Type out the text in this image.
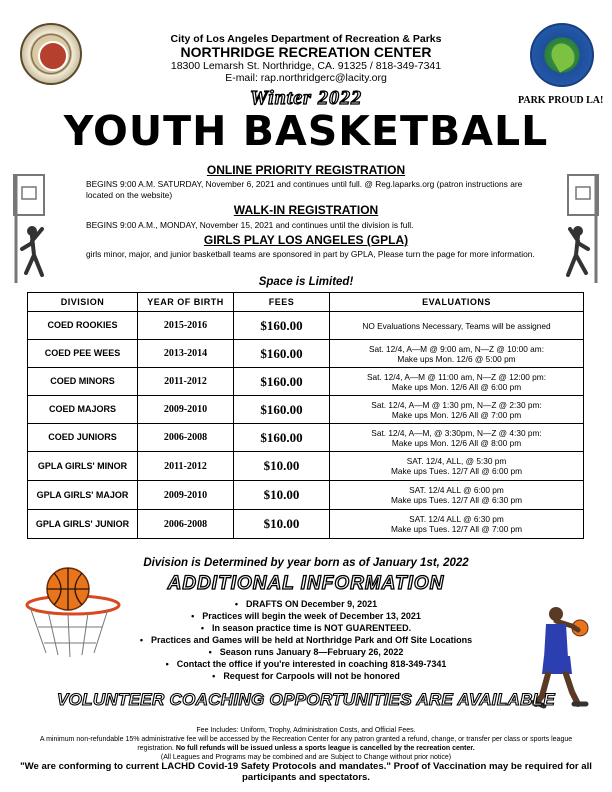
City of Los Angeles Department of Recreation & Parks
NORTHRIDGE RECREATION CENTER
18300 Lemarsh St. Northridge, CA. 91325 / 818-349-7341
E-mail: rap.northridgerc@lacity.org
PARK PROUD LA!
Winter 2022
YOUTH BASKETBALL
ONLINE PRIORITY REGISTRATION
BEGINS 9:00 A.M. SATURDAY, November 6, 2021 and continues until full. @ Reg.laparks.org (patron instructions are located on the website)
WALK-IN REGISTRATION
BEGINS 9:00 A.M., MONDAY, November 15, 2021 and continues until the division is full.
GIRLS PLAY LOS ANGELES (GPLA)
girls minor, major, and junior basketball teams are sponsored in part by GPLA, Please turn the page for more information.
Space is Limited!
DIVISION	YEAR OF BIRTH	FEES	EVALUATIONS
COED ROOKIES	2015-2016	$160.00	NO Evaluations Necessary, Teams will be assigned

COED PEE WEES	2013-2014	$160.00	Sat. 12/4, A—M @ 9:00 am, N—Z @ 10:00 am:
Make ups Mon. 12/6 @ 5:00 pm

COED MINORS	2011-2012	$160.00	Sat. 12/4, A—M @ 11:00 am, N—Z @ 12:00 pm:
Make ups Mon. 12/6 All @ 6:00 pm

COED MAJORS	2009-2010	$160.00	Sat. 12/4, A—M @ 1:30 pm, N—Z @ 2:30 pm:
Make ups Mon. 12/6 All @ 7:00 pm

COED JUNIORS	2006-2008	$160.00	Sat. 12/4, A—M, @ 3:30pm, N—Z @ 4:30 pm:
Make ups Mon. 12/6 All @ 8:00 pm

GPLA GIRLS' MINOR	2011-2012	$10.00	SAT. 12/4, ALL, @ 5:30 pm
Make ups Tues. 12/7 All @ 6:00 pm

GPLA GIRLS' MAJOR	2009-2010	$10.00	SAT. 12/4 ALL @ 6:00 pm
Make ups Tues. 12/7 All @ 6:30 pm

GPLA GIRLS' JUNIOR	2006-2008	$10.00	SAT. 12/4 ALL @ 6:30 pm
Make ups Tues. 12/7 All @ 7:00 pm
Division is Determined by year born as of January 1st, 2022
ADDITIONAL INFORMATION
• DRAFTS ON December 9, 2021
• Practices will begin the week of December 13, 2021
• In season practice time is NOT GUARENTEED.
• Practices and Games will be held at Northridge Park and Off Site Locations
• Season runs January 8—February 26, 2022
• Contact the office if you're interested in coaching 818-349-7341
• Request for Carpools will not be honored
VOLUNTEER COACHING OPPORTUNITIES ARE AVAILABLE
Fee Includes: Uniform, Trophy, Administration Costs, and Official Fees.
A minimum non-refundable 15% administrative fee will be accessed by the Recreation Center for any patron granted a refund, change, or transfer per class or sports league registration. No full refunds will be issued unless a sports league is cancelled by the recreation center.
(All Leagues and Programs may be combined and are Subject to Change without prior notice)
"We are conforming to current LACHD Covid-19 Safety Protocols and mandates." Proof of Vaccination may be required for all participants and spectators.
